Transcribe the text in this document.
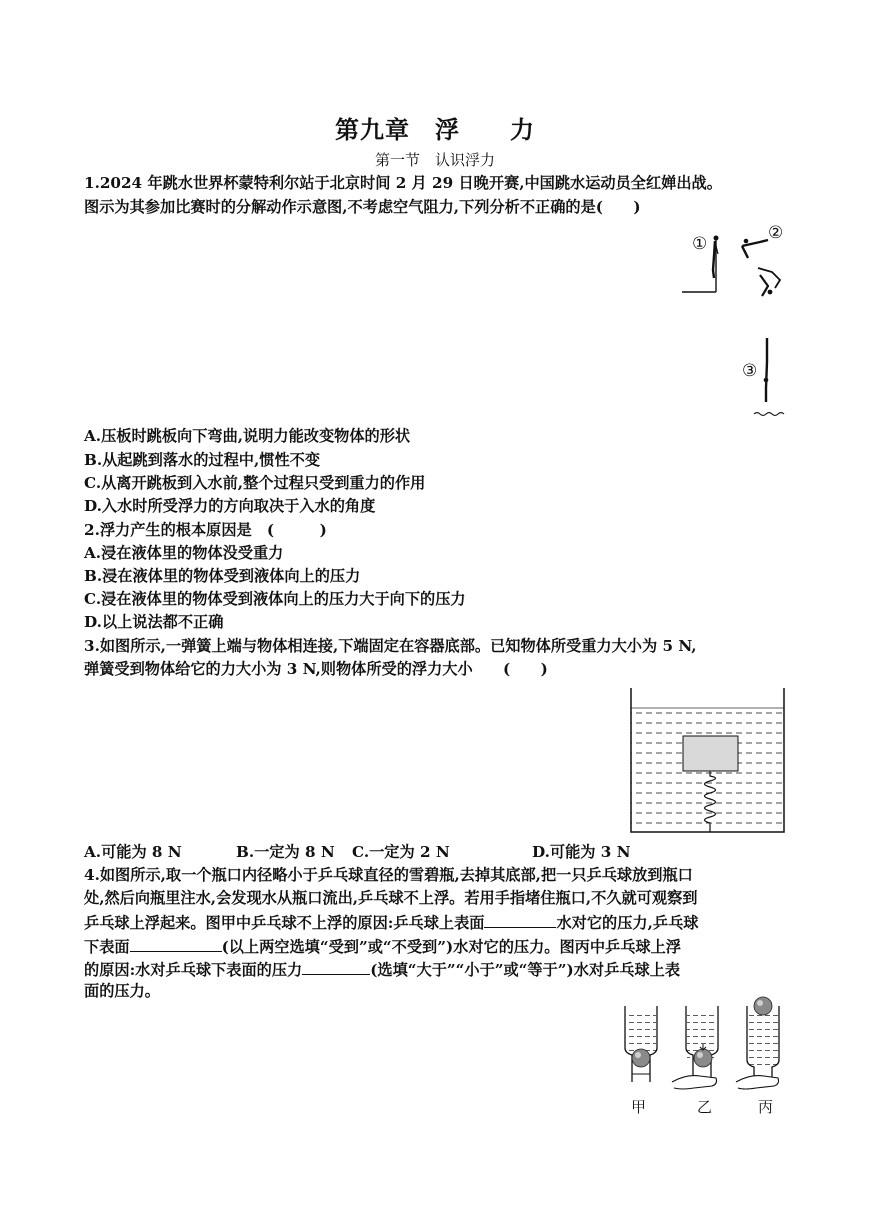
第九章　浮　　力
第一节　认识浮力
1.2024 年跳水世界杯蒙特利尔站于北京时间 2 月 29 日晚开赛,中国跳水运动员全红婵出战。
图示为其参加比赛时的分解动作示意图,不考虑空气阻力,下列分析不正确的是(　　)
①
②
③
A.压板时跳板向下弯曲,说明力能改变物体的形状
B.从起跳到落水的过程中,惯性不变
C.从离开跳板到入水前,整个过程只受到重力的作用
D.入水时所受浮力的方向取决于入水的角度
2.浮力产生的根本原因是　(　　　)
A.浸在液体里的物体没受重力
B.浸在液体里的物体受到液体向上的压力
C.浸在液体里的物体受到液体向上的压力大于向下的压力
D.以上说法都不正确
3.如图所示,一弹簧上端与物体相连接,下端固定在容器底部。已知物体所受重力大小为 5 N,
弹簧受到物体给它的力大小为 3 N,则物体所受的浮力大小　　(　　)
A.可能为 8 N	B.一定为 8 N C.一定为 2 N	D.可能为 3 N
4.如图所示,取一个瓶口内径略小于乒乓球直径的雪碧瓶,去掉其底部,把一只乒乓球放到瓶口
处,然后向瓶里注水,会发现水从瓶口流出,乒乓球不上浮。若用手指堵住瓶口,不久就可观察到
乒乓球上浮起来。图甲中乒乓球不上浮的原因:乒乓球上表面	水对它的压力,乒乓球
下表面	(以上两空选填“受到”或“不受到”)水对它的压力。图丙中乒乓球上浮
的原因:水对乒乓球下表面的压力	(选填“大于”“小于”或“等于”)水对乒乓球上表
面的压力。
甲	乙	丙
